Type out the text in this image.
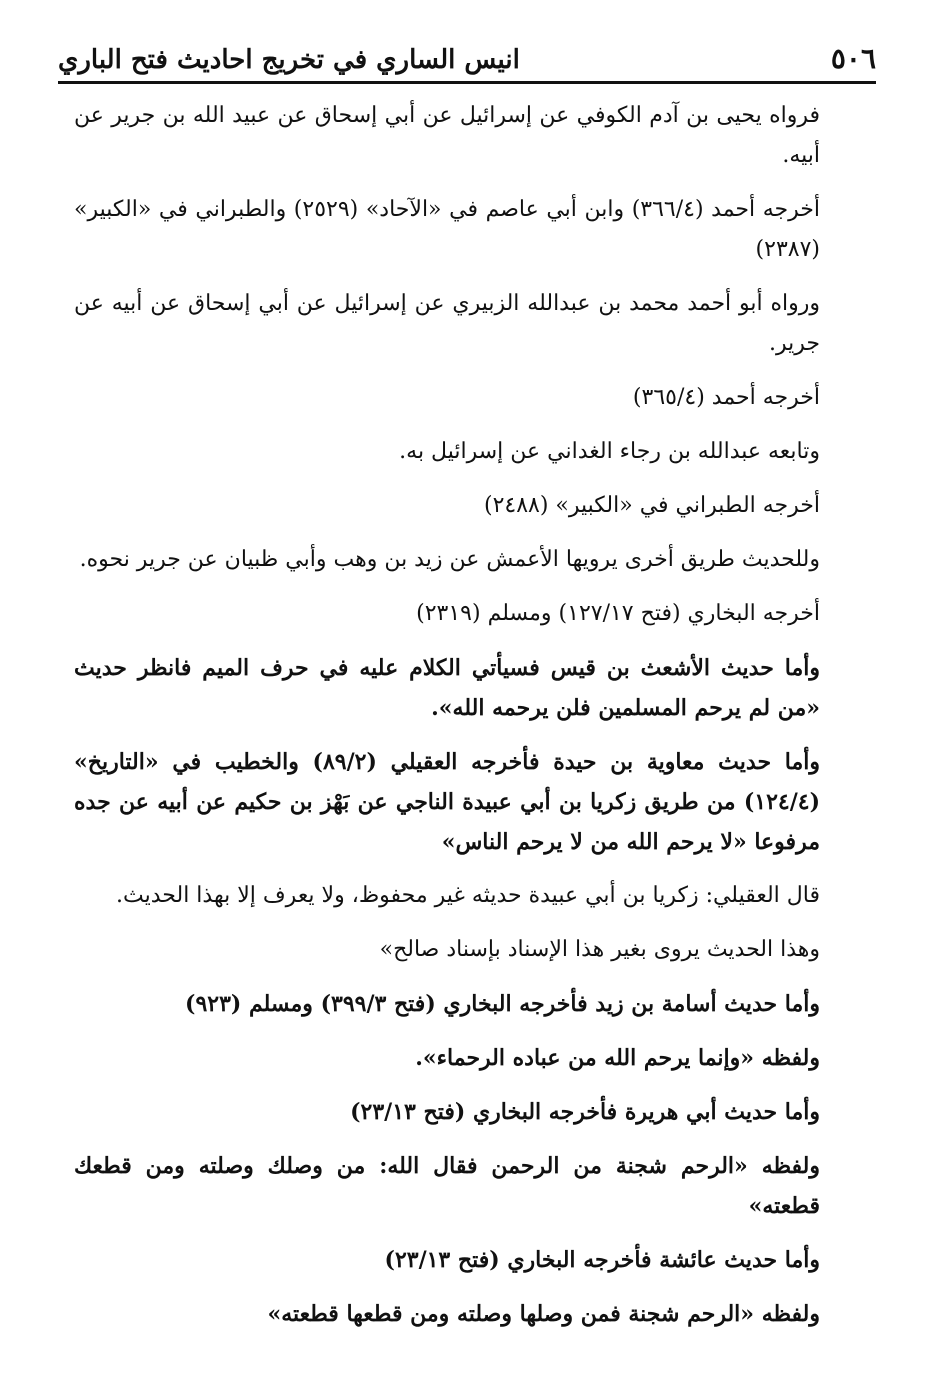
٥٠٦
انيس الساري في تخريج احاديث فتح الباري

فرواه يحيى بن آدم الكوفي عن إسرائيل عن أبي إسحاق عن عبيد الله بن جرير عن أبيه.

أخرجه أحمد (٣٦٦/٤) وابن أبي عاصم في «الآحاد» (٢٥٢٩) والطبراني في «الكبير» (٢٣٨٧)

ورواه أبو أحمد محمد بن عبدالله الزبيري عن إسرائيل عن أبي إسحاق عن أبيه عن جرير.

أخرجه أحمد (٣٦٥/٤)

وتابعه عبدالله بن رجاء الغداني عن إسرائيل به.

أخرجه الطبراني في «الكبير» (٢٤٨٨)

وللحديث طريق أخرى يرويها الأعمش عن زيد بن وهب وأبي ظبيان عن جرير نحوه.

أخرجه البخاري (فتح ١٢٧/١٧) ومسلم (٢٣١٩)

وأما حديث الأشعث بن قيس فسيأتي الكلام عليه في حرف الميم فانظر حديث «من لم يرحم المسلمين فلن يرحمه الله».

وأما حديث معاوية بن حيدة فأخرجه العقيلي (٨٩/٢) والخطيب في «التاريخ» (١٢٤/٤) من طريق زكريا بن أبي عبيدة الناجي عن بَهْز بن حكيم عن أبيه عن جده مرفوعا «لا يرحم الله من لا يرحم الناس»

قال العقيلي: زكريا بن أبي عبيدة حديثه غير محفوظ، ولا يعرف إلا بهذا الحديث.

وهذا الحديث يروى بغير هذا الإسناد بإسناد صالح»

وأما حديث أسامة بن زيد فأخرجه البخاري (فتح ٣٩٩/٣) ومسلم (٩٢٣)

ولفظه «وإنما يرحم الله من عباده الرحماء».

وأما حديث أبي هريرة فأخرجه البخاري (فتح ٢٣/١٣)

ولفظه «الرحم شجنة من الرحمن فقال الله: من وصلك وصلته ومن قطعك قطعته»

وأما حديث عائشة فأخرجه البخاري (فتح ٢٣/١٣)

ولفظه «الرحم شجنة فمن وصلها وصلته ومن قطعها قطعته»
